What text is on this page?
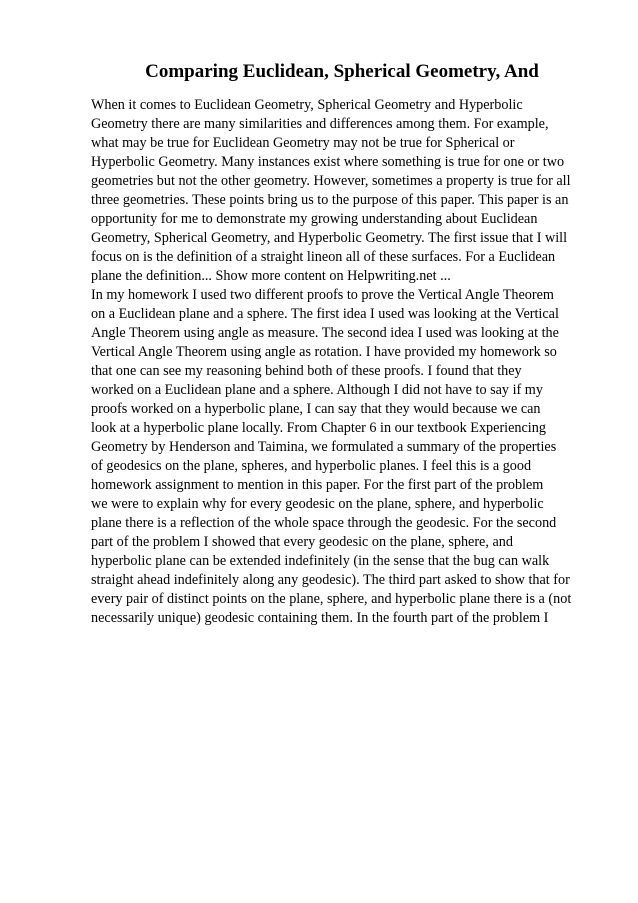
Comparing Euclidean, Spherical Geometry, And
When it comes to Euclidean Geometry, Spherical Geometry and Hyperbolic
Geometry there are many similarities and differences among them. For example,
what may be true for Euclidean Geometry may not be true for Spherical or
Hyperbolic Geometry. Many instances exist where something is true for one or two
geometries but not the other geometry. However, sometimes a property is true for all
three geometries. These points bring us to the purpose of this paper. This paper is an
opportunity for me to demonstrate my growing understanding about Euclidean
Geometry, Spherical Geometry, and Hyperbolic Geometry. The first issue that I will
focus on is the definition of a straight lineon all of these surfaces. For a Euclidean
plane the definition... Show more content on Helpwriting.net ...
In my homework I used two different proofs to prove the Vertical Angle Theorem
on a Euclidean plane and a sphere. The first idea I used was looking at the Vertical
Angle Theorem using angle as measure. The second idea I used was looking at the
Vertical Angle Theorem using angle as rotation. I have provided my homework so
that one can see my reasoning behind both of these proofs. I found that they
worked on a Euclidean plane and a sphere. Although I did not have to say if my
proofs worked on a hyperbolic plane, I can say that they would because we can
look at a hyperbolic plane locally. From Chapter 6 in our textbook Experiencing
Geometry by Henderson and Taimina, we formulated a summary of the properties
of geodesics on the plane, spheres, and hyperbolic planes. I feel this is a good
homework assignment to mention in this paper. For the first part of the problem
we were to explain why for every geodesic on the plane, sphere, and hyperbolic
plane there is a reflection of the whole space through the geodesic. For the second
part of the problem I showed that every geodesic on the plane, sphere, and
hyperbolic plane can be extended indefinitely (in the sense that the bug can walk
straight ahead indefinitely along any geodesic). The third part asked to show that for
every pair of distinct points on the plane, sphere, and hyperbolic plane there is a (not
necessarily unique) geodesic containing them. In the fourth part of the problem I
